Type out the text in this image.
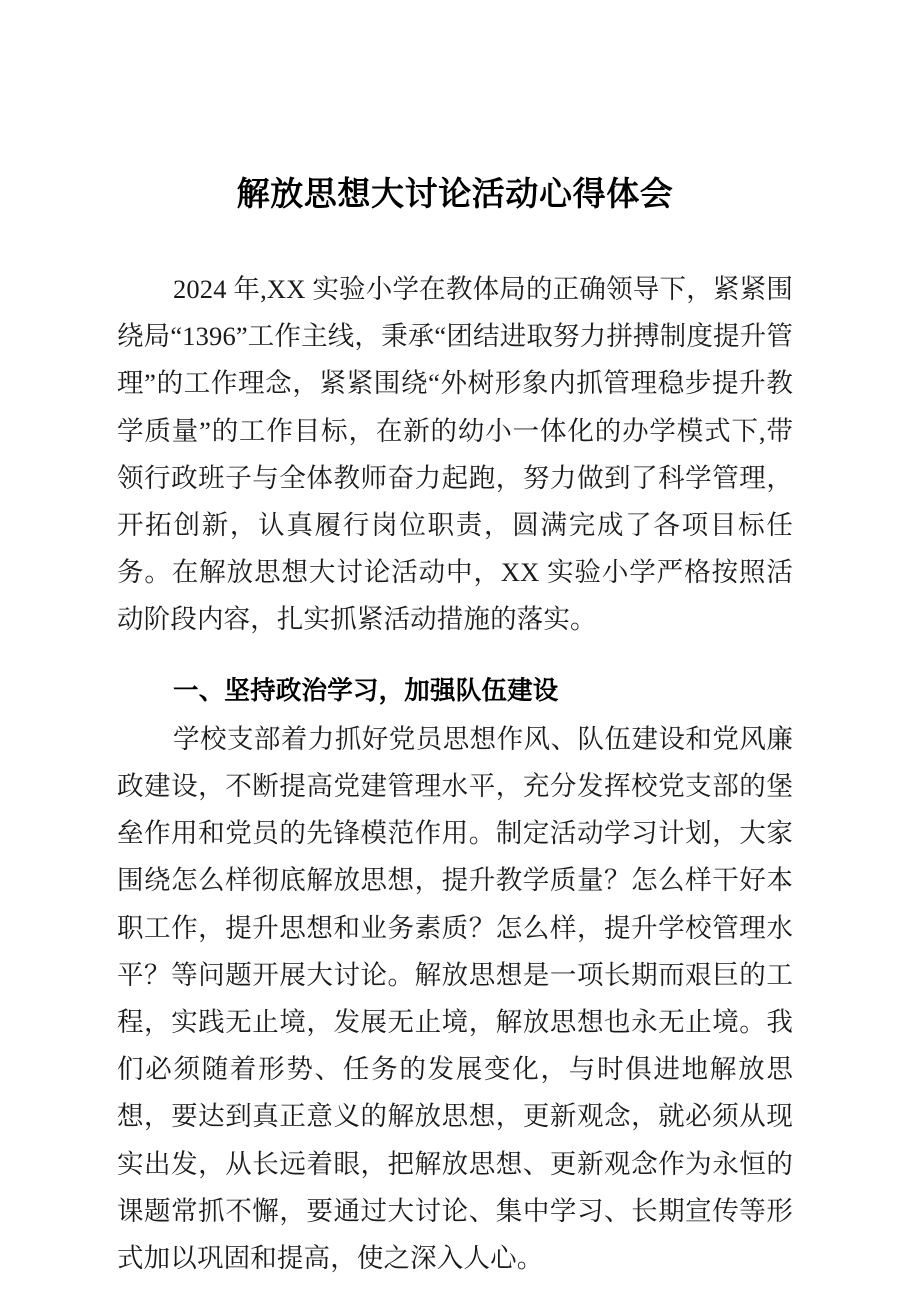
解放思想大讨论活动心得体会

2024 年,XX 实验小学在教体局的正确领导下，紧紧围绕局“1396”工作主线，秉承“团结进取努力拼搏制度提升管理”的工作理念，紧紧围绕“外树形象内抓管理稳步提升教学质量”的工作目标，在新的幼小一体化的办学模式下,带领行政班子与全体教师奋力起跑，努力做到了科学管理，开拓创新，认真履行岗位职责，圆满完成了各项目标任务。在解放思想大讨论活动中，XX 实验小学严格按照活动阶段内容，扎实抓紧活动措施的落实。

一、坚持政治学习，加强队伍建设

学校支部着力抓好党员思想作风、队伍建设和党风廉政建设，不断提高党建管理水平，充分发挥校党支部的堡垒作用和党员的先锋模范作用。制定活动学习计划，大家围绕怎么样彻底解放思想，提升教学质量？怎么样干好本职工作，提升思想和业务素质？怎么样，提升学校管理水平？等问题开展大讨论。解放思想是一项长期而艰巨的工程，实践无止境，发展无止境，解放思想也永无止境。我们必须随着形势、任务的发展变化，与时俱进地解放思想，要达到真正意义的解放思想，更新观念，就必须从现实出发，从长远着眼，把解放思想、更新观念作为永恒的课题常抓不懈，要通过大讨论、集中学习、长期宣传等形式加以巩固和提高，使之深入人心。
